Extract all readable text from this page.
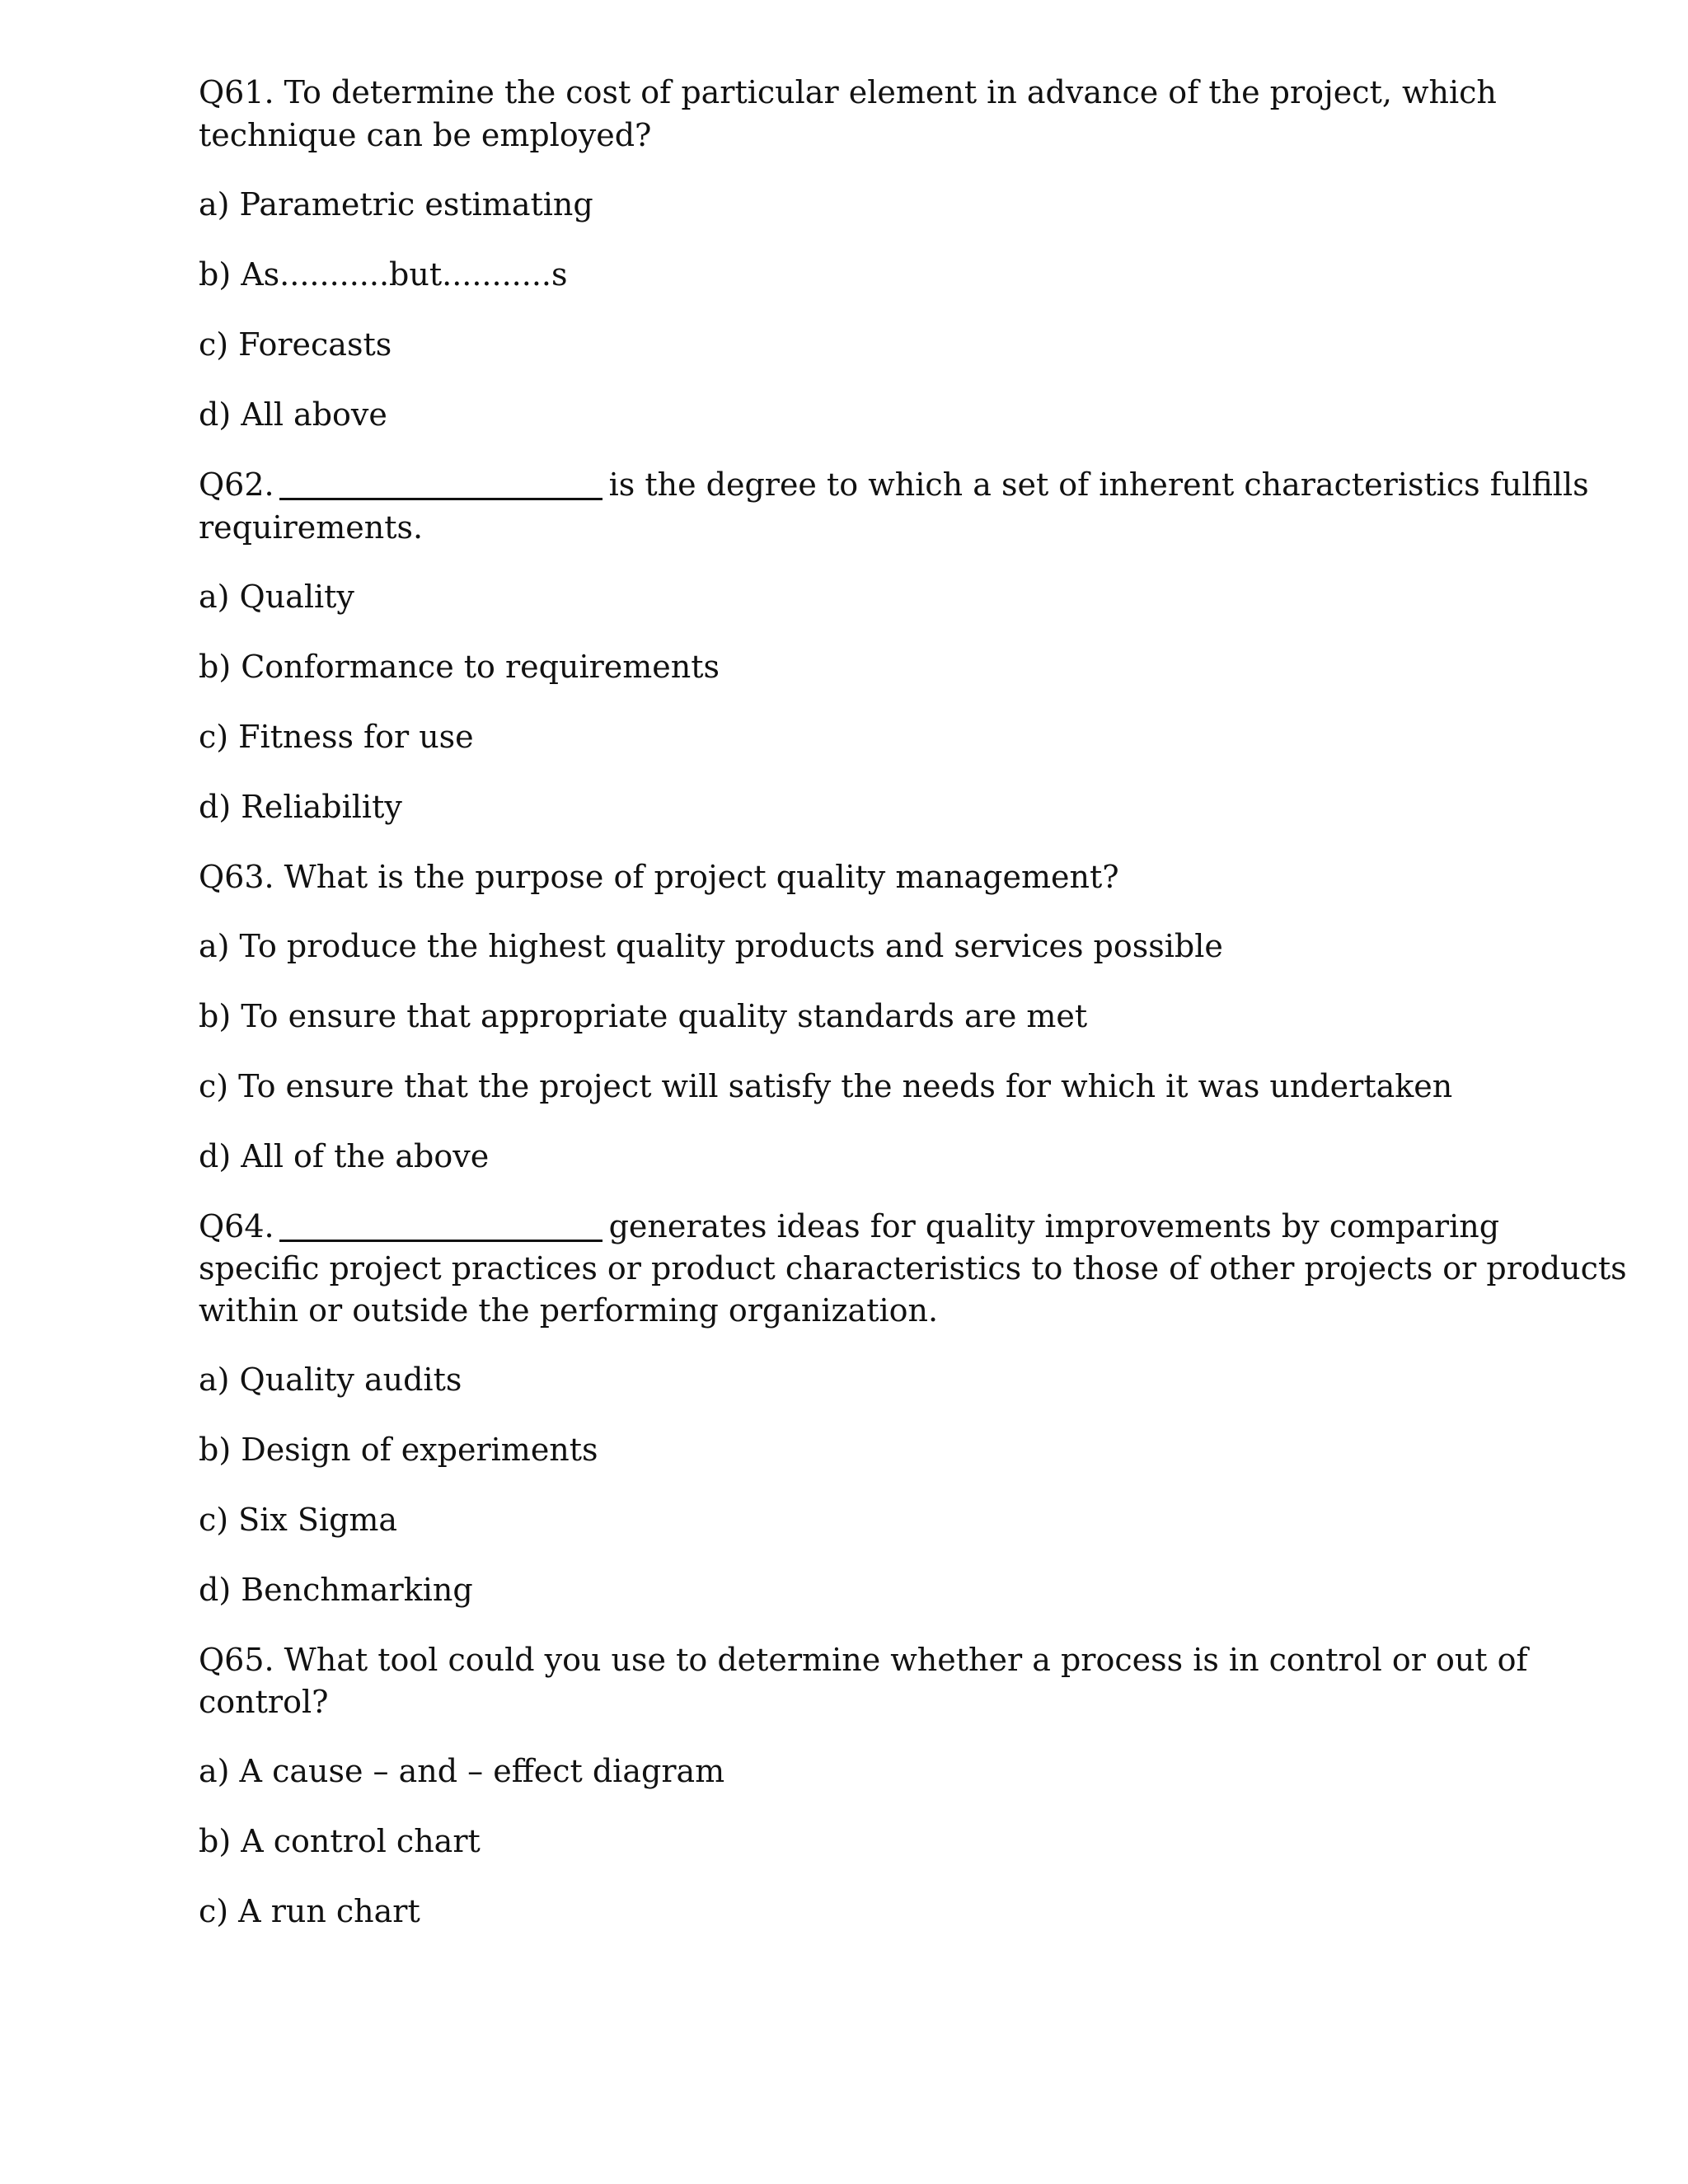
Q61. To determine the cost of particular element in advance of the project, which
technique can be employed?
a) Parametric estimating
b) As...........but...........s
c) Forecasts
d) All above
Q62.	is the degree to which a set of inherent characteristics fulfills
requirements.
a) Quality
b) Conformance to requirements
c) Fitness for use
d) Reliability
Q63. What is the purpose of project quality management?
a) To produce the highest quality products and services possible
b) To ensure that appropriate quality standards are met
c) To ensure that the project will satisfy the needs for which it was undertaken
d) All of the above
Q64.	generates ideas for quality improvements by comparing
specific project practices or product characteristics to those of other projects or products
within or outside the performing organization.
a) Quality audits
b) Design of experiments
c) Six Sigma
d) Benchmarking
Q65. What tool could you use to determine whether a process is in control or out of
control?
a) A cause – and – effect diagram
b) A control chart
c) A run chart
